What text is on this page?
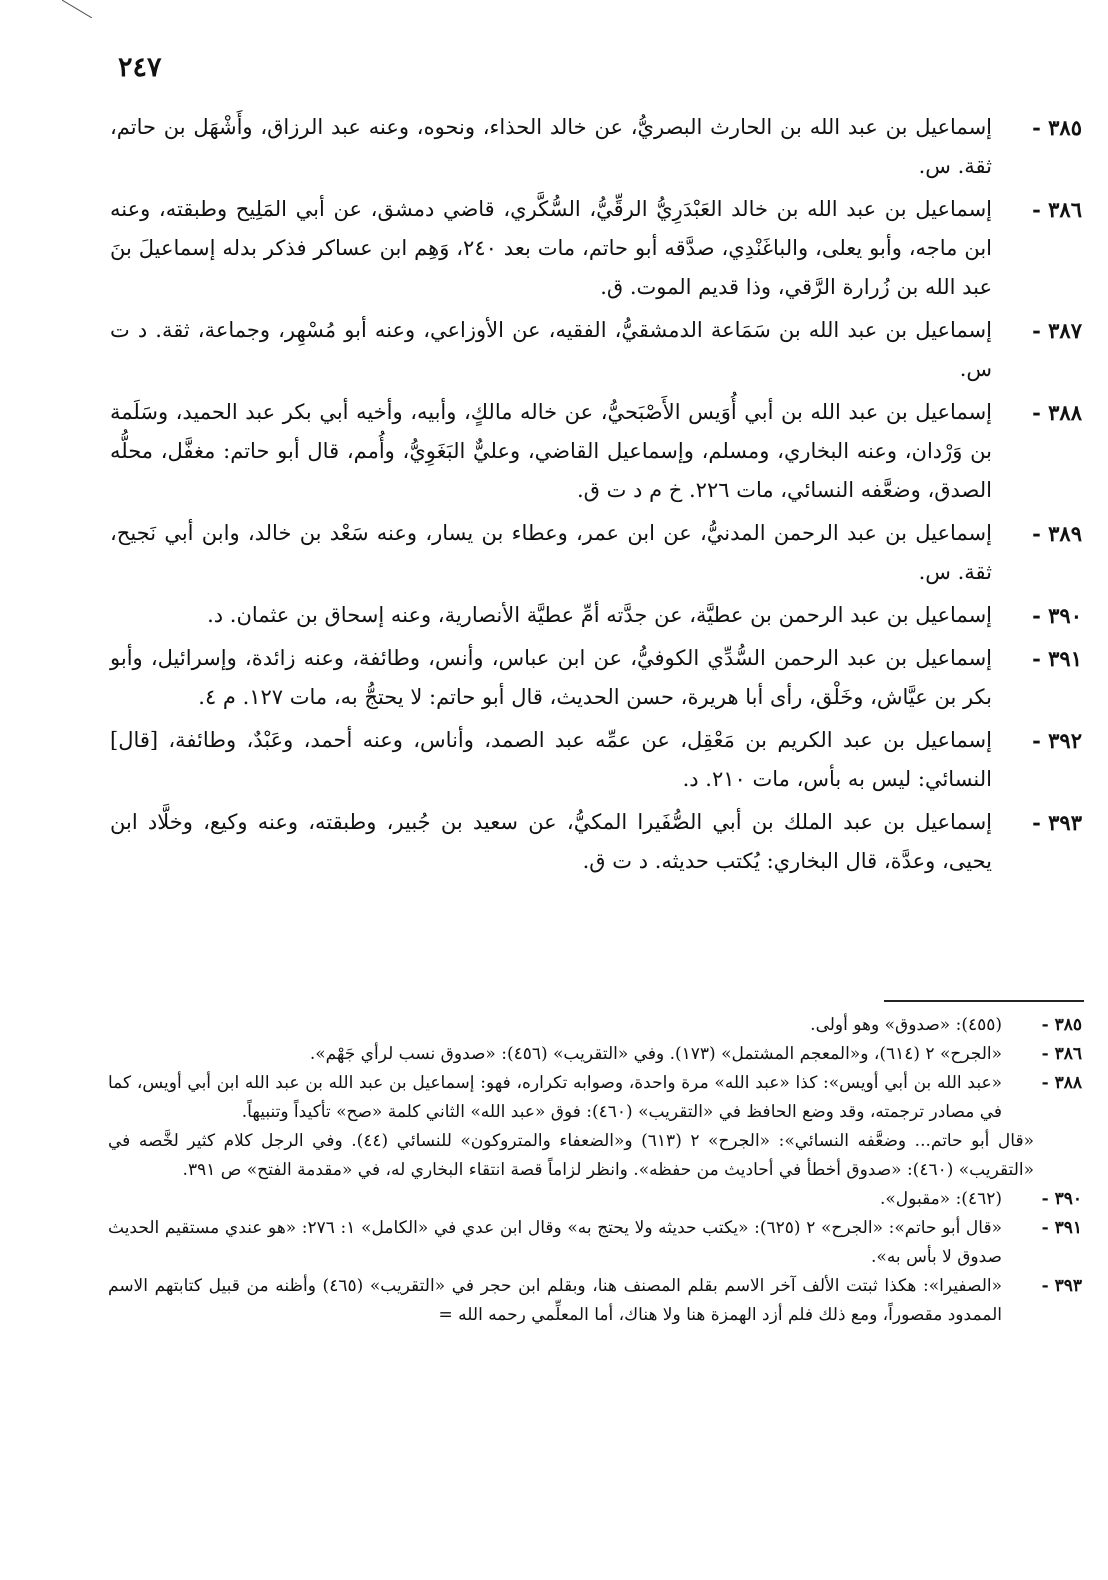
٢٤٧
٣٨٥ -
إسماعيل بن عبد الله بن الحارث البصريُّ، عن خالد الحذاء، ونحوه، وعنه عبد الرزاق، وأَشْهَل بن حاتم، ثقة. س.
٣٨٦ -
إسماعيل بن عبد الله بن خالد العَبْدَرِيُّ الرقِّيُّ، السُّكَّري، قاضي دمشق، عن أبي المَلِيح وطبقته، وعنه ابن ماجه، وأبو يعلى، والباغَنْدِي، صدَّقه أبو حاتم، مات بعد ٢٤٠، وَهِم ابن عساكر فذكر بدله إسماعيلَ بنَ عبد الله بن زُرارة الرَّقي، وذا قديم الموت. ق.
٣٨٧ -
إسماعيل بن عبد الله بن سَمَاعة الدمشقيُّ، الفقيه، عن الأوزاعي، وعنه أبو مُسْهِر، وجماعة، ثقة. د ت س.
٣٨٨ -
إسماعيل بن عبد الله بن أبي أُوَيس الأَصْبَحيُّ، عن خاله مالكٍ، وأبيه، وأخيه أبي بكر عبد الحميد، وسَلَمة بن وَرْدان، وعنه البخاري، ومسلم، وإسماعيل القاضي، وعليٌّ البَغَوِيُّ، وأُمم، قال أبو حاتم: مغفَّل، محلُّه الصدق، وضعَّفه النسائي، مات ٢٢٦. خ م د ت ق.
٣٨٩ -
إسماعيل بن عبد الرحمن المدنيُّ، عن ابن عمر، وعطاء بن يسار، وعنه سَعْد بن خالد، وابن أبي نَجيح، ثقة. س.
٣٩٠ -
إسماعيل بن عبد الرحمن بن عطيَّة، عن جدَّته أمِّ عطيَّة الأنصارية، وعنه إسحاق بن عثمان. د.
٣٩١ -
إسماعيل بن عبد الرحمن السُّدِّي الكوفيُّ، عن ابن عباس، وأنس، وطائفة، وعنه زائدة، وإسرائيل، وأبو بكر بن عيَّاش، وخَلْق، رأى أبا هريرة، حسن الحديث، قال أبو حاتم: لا يحتجُّ به، مات ١٢٧. م ٤.
٣٩٢ -
إسماعيل بن عبد الكريم بن مَعْقِل، عن عمِّه عبد الصمد، وأناس، وعنه أحمد، وعَبْدٌ، وطائفة، [قال] النسائي: ليس به بأس، مات ٢١٠. د.
٣٩٣ -
إسماعيل بن عبد الملك بن أبي الصُّفَيرا المكيُّ، عن سعيد بن جُبير، وطبقته، وعنه وكيع، وخلَّاد ابن يحيى، وعدَّة، قال البخاري: يُكتب حديثه. د ت ق.
٣٨٥ -
(٤٥٥): «صدوق» وهو أولى.
٣٨٦ -
«الجرح» ٢ (٦١٤)، و«المعجم المشتمل» (١٧٣). وفي «التقريب» (٤٥٦): «صدوق نسب لرأي جَهْم».
٣٨٨ -
«عبد الله بن أبي أويس»: كذا «عبد الله» مرة واحدة، وصوابه تكراره، فهو: إسماعيل بن عبد الله بن عبد الله ابن أبي أويس، كما في مصادر ترجمته، وقد وضع الحافظ في «التقريب» (٤٦٠): فوق «عبد الله» الثاني كلمة «صح» تأكيداً وتنبيهاً.
«قال أبو حاتم... وضعَّفه النسائي»: «الجرح» ٢ (٦١٣) و«الضعفاء والمتروكون» للنسائي (٤٤). وفي الرجل كلام كثير لخَّصه في «التقريب» (٤٦٠): «صدوق أخطأ في أحاديث من حفظه». وانظر لزاماً قصة انتقاء البخاري له، في «مقدمة الفتح» ص ٣٩١.
٣٩٠ -
(٤٦٢): «مقبول».
٣٩١ -
«قال أبو حاتم»: «الجرح» ٢ (٦٢٥): «يكتب حديثه ولا يحتج به» وقال ابن عدي في «الكامل» ١: ٢٧٦: «هو عندي مستقيم الحديث صدوق لا بأس به».
٣٩٣ -
«الصفيرا»: هكذا ثبتت الألف آخر الاسم بقلم المصنف هنا، وبقلم ابن حجر في «التقريب» (٤٦٥) وأظنه من قبيل كتابتهم الاسم الممدود مقصوراً، ومع ذلك فلم أزد الهمزة هنا ولا هناك، أما المعلِّمي رحمه الله =
